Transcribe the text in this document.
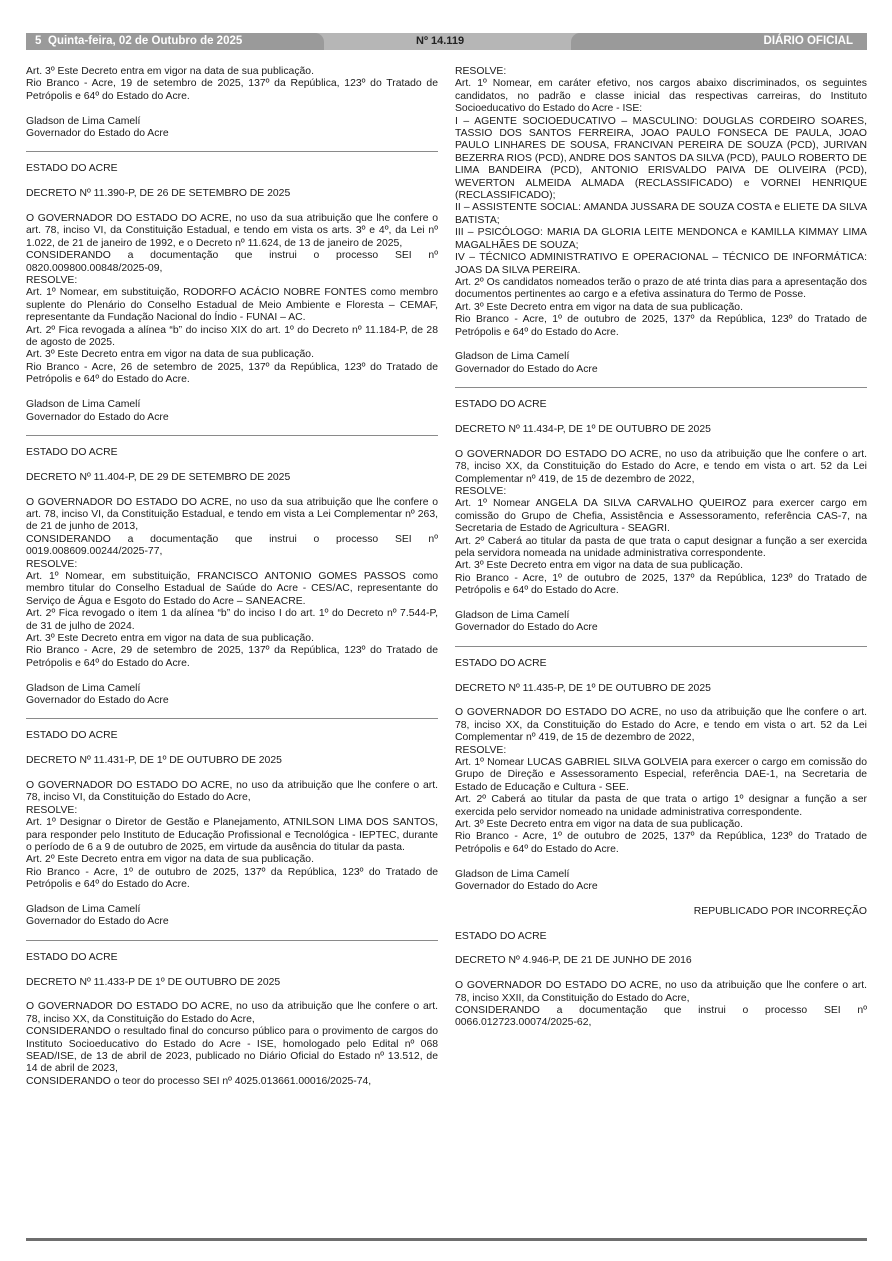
5 Quinta-feira, 02 de Outubro de 2025	Nº 14.119	DIÁRIO OFICIAL

Art. 3º Este Decreto entra em vigor na data de sua publicação.

Rio Branco - Acre, 19 de setembro de 2025, 137º da República, 123º do Tratado de Petrópolis e 64º do Estado do Acre.

Gladson de Lima Camelí

Governador do Estado do Acre

ESTADO DO ACRE

DECRETO Nº 11.390-P, DE 26 DE SETEMBRO DE 2025

O GOVERNADOR DO ESTADO DO ACRE, no uso da sua atribuição que lhe confere o art. 78, inciso VI, da Constituição Estadual, e tendo em vista os arts. 3º e 4º, da Lei nº 1.022, de 21 de janeiro de 1992, e o Decreto nº 11.624, de 13 de janeiro de 2025,

CONSIDERANDO a documentação que instrui o processo SEI nº 0820.009800.00848/2025-09,

RESOLVE:

Art. 1º Nomear, em substituição, RODORFO ACÁCIO NOBRE FONTES como membro suplente do Plenário do Conselho Estadual de Meio Ambiente e Floresta – CEMAF, representante da Fundação Nacional do Índio - FUNAI – AC.

Art. 2º Fica revogada a alínea “b” do inciso XIX do art. 1º do Decreto nº 11.184-P, de 28 de agosto de 2025.

Art. 3º Este Decreto entra em vigor na data de sua publicação.

Rio Branco - Acre, 26 de setembro de 2025, 137º da República, 123º do Tratado de Petrópolis e 64º do Estado do Acre.

Gladson de Lima Camelí

Governador do Estado do Acre

ESTADO DO ACRE

DECRETO Nº 11.404-P, DE 29 DE SETEMBRO DE 2025

O GOVERNADOR DO ESTADO DO ACRE, no uso da sua atribuição que lhe confere o art. 78, inciso VI, da Constituição Estadual, e tendo em vista a Lei Complementar nº 263, de 21 de junho de 2013,

CONSIDERANDO a documentação que instrui o processo SEI nº 0019.008609.00244/2025-77,

RESOLVE:

Art. 1º Nomear, em substituição, FRANCISCO ANTONIO GOMES PASSOS como membro titular do Conselho Estadual de Saúde do Acre - CES/AC, representante do Serviço de Água e Esgoto do Estado do Acre – SANEACRE.

Art. 2º Fica revogado o item 1 da alínea “b” do inciso I do art. 1º do Decreto nº 7.544-P, de 31 de julho de 2024.

Art. 3º Este Decreto entra em vigor na data de sua publicação.

Rio Branco - Acre, 29 de setembro de 2025, 137º da República, 123º do Tratado de Petrópolis e 64º do Estado do Acre.

Gladson de Lima Camelí

Governador do Estado do Acre

ESTADO DO ACRE

DECRETO Nº 11.431-P, DE 1º DE OUTUBRO DE 2025

O GOVERNADOR DO ESTADO DO ACRE, no uso da atribuição que lhe confere o art. 78, inciso VI, da Constituição do Estado do Acre,

RESOLVE:

Art. 1º Designar o Diretor de Gestão e Planejamento, ATNILSON LIMA DOS SANTOS, para responder pelo Instituto de Educação Profissional e Tecnológica - IEPTEC, durante o período de 6 a 9 de outubro de 2025, em virtude da ausência do titular da pasta.

Art. 2º Este Decreto entra em vigor na data de sua publicação.

Rio Branco - Acre, 1º de outubro de 2025, 137º da República, 123º do Tratado de Petrópolis e 64º do Estado do Acre.

Gladson de Lima Camelí

Governador do Estado do Acre

ESTADO DO ACRE

DECRETO Nº 11.433-P DE 1º DE OUTUBRO DE 2025

O GOVERNADOR DO ESTADO DO ACRE, no uso da atribuição que lhe confere o art. 78, inciso XX, da Constituição do Estado do Acre,

CONSIDERANDO o resultado final do concurso público para o provimento de cargos do Instituto Socioeducativo do Estado do Acre - ISE, homologado pelo Edital nº 068 SEAD/ISE, de 13 de abril de 2023, publicado no Diário Oficial do Estado nº 13.512, de 14 de abril de 2023,

CONSIDERANDO o teor do processo SEI nº 4025.013661.00016/2025-74,

RESOLVE:

Art. 1º Nomear, em caráter efetivo, nos cargos abaixo discriminados, os seguintes candidatos, no padrão e classe inicial das respectivas carreiras, do Instituto Socioeducativo do Estado do Acre - ISE:

I – AGENTE SOCIOEDUCATIVO – MASCULINO: DOUGLAS CORDEIRO SOARES, TASSIO DOS SANTOS FERREIRA, JOAO PAULO FONSECA DE PAULA, JOAO PAULO LINHARES DE SOUSA, FRANCIVAN PEREIRA DE SOUZA (PCD), JURIVAN BEZERRA RIOS (PCD), ANDRE DOS SANTOS DA SILVA (PCD), PAULO ROBERTO DE LIMA BANDEIRA (PCD), ANTONIO ERISVALDO PAIVA DE OLIVEIRA (PCD), WEVERTON ALMEIDA ALMADA (RECLASSIFICADO) e VORNEI HENRIQUE (RECLASSIFICADO);

II – ASSISTENTE SOCIAL: AMANDA JUSSARA DE SOUZA COSTA e ELIETE DA SILVA BATISTA;

III – PSICÓLOGO: MARIA DA GLORIA LEITE MENDONCA e KAMILLA KIMMAY LIMA MAGALHÃES DE SOUZA;

IV – TÉCNICO ADMINISTRATIVO E OPERACIONAL – TÉCNICO DE INFORMÁTICA: JOAS DA SILVA PEREIRA.

Art. 2º Os candidatos nomeados terão o prazo de até trinta dias para a apresentação dos documentos pertinentes ao cargo e a efetiva assinatura do Termo de Posse.

Art. 3º Este Decreto entra em vigor na data de sua publicação.

Rio Branco - Acre, 1º de outubro de 2025, 137º da República, 123º do Tratado de Petrópolis e 64º do Estado do Acre.

Gladson de Lima Camelí

Governador do Estado do Acre

ESTADO DO ACRE

DECRETO Nº 11.434-P, DE 1º DE OUTUBRO DE 2025

O GOVERNADOR DO ESTADO DO ACRE, no uso da atribuição que lhe confere o art. 78, inciso XX, da Constituição do Estado do Acre, e tendo em vista o art. 52 da Lei Complementar nº 419, de 15 de dezembro de 2022,

RESOLVE:

Art. 1º Nomear ANGELA DA SILVA CARVALHO QUEIROZ para exercer cargo em comissão do Grupo de Chefia, Assistência e Assessoramento, referência CAS-7, na Secretaria de Estado de Agricultura - SEAGRI.

Art. 2º Caberá ao titular da pasta de que trata o caput designar a função a ser exercida pela servidora nomeada na unidade administrativa correspondente.

Art. 3º Este Decreto entra em vigor na data de sua publicação.

Rio Branco - Acre, 1º de outubro de 2025, 137º da República, 123º do Tratado de Petrópolis e 64º do Estado do Acre.

Gladson de Lima Camelí

Governador do Estado do Acre

ESTADO DO ACRE

DECRETO Nº 11.435-P, DE 1º DE OUTUBRO DE 2025

O GOVERNADOR DO ESTADO DO ACRE, no uso da atribuição que lhe confere o art. 78, inciso XX, da Constituição do Estado do Acre, e tendo em vista o art. 52 da Lei Complementar nº 419, de 15 de dezembro de 2022,

RESOLVE:

Art. 1º Nomear LUCAS GABRIEL SILVA GOLVEIA para exercer o cargo em comissão do Grupo de Direção e Assessoramento Especial, referência DAE-1, na Secretaria de Estado de Educação e Cultura - SEE.

Art. 2º Caberá ao titular da pasta de que trata o artigo 1º designar a função a ser exercida pelo servidor nomeado na unidade administrativa correspondente.

Art. 3º Este Decreto entra em vigor na data de sua publicação.

Rio Branco - Acre, 1º de outubro de 2025, 137º da República, 123º do Tratado de Petrópolis e 64º do Estado do Acre.

Gladson de Lima Camelí

Governador do Estado do Acre

REPUBLICADO POR INCORREÇÃO

ESTADO DO ACRE

DECRETO Nº 4.946-P, DE 21 DE JUNHO DE 2016

O GOVERNADOR DO ESTADO DO ACRE, no uso da atribuição que lhe confere o art. 78, inciso XXII, da Constituição do Estado do Acre,

CONSIDERANDO a documentação que instrui o processo SEI nº 0066.012723.00074/2025-62,
